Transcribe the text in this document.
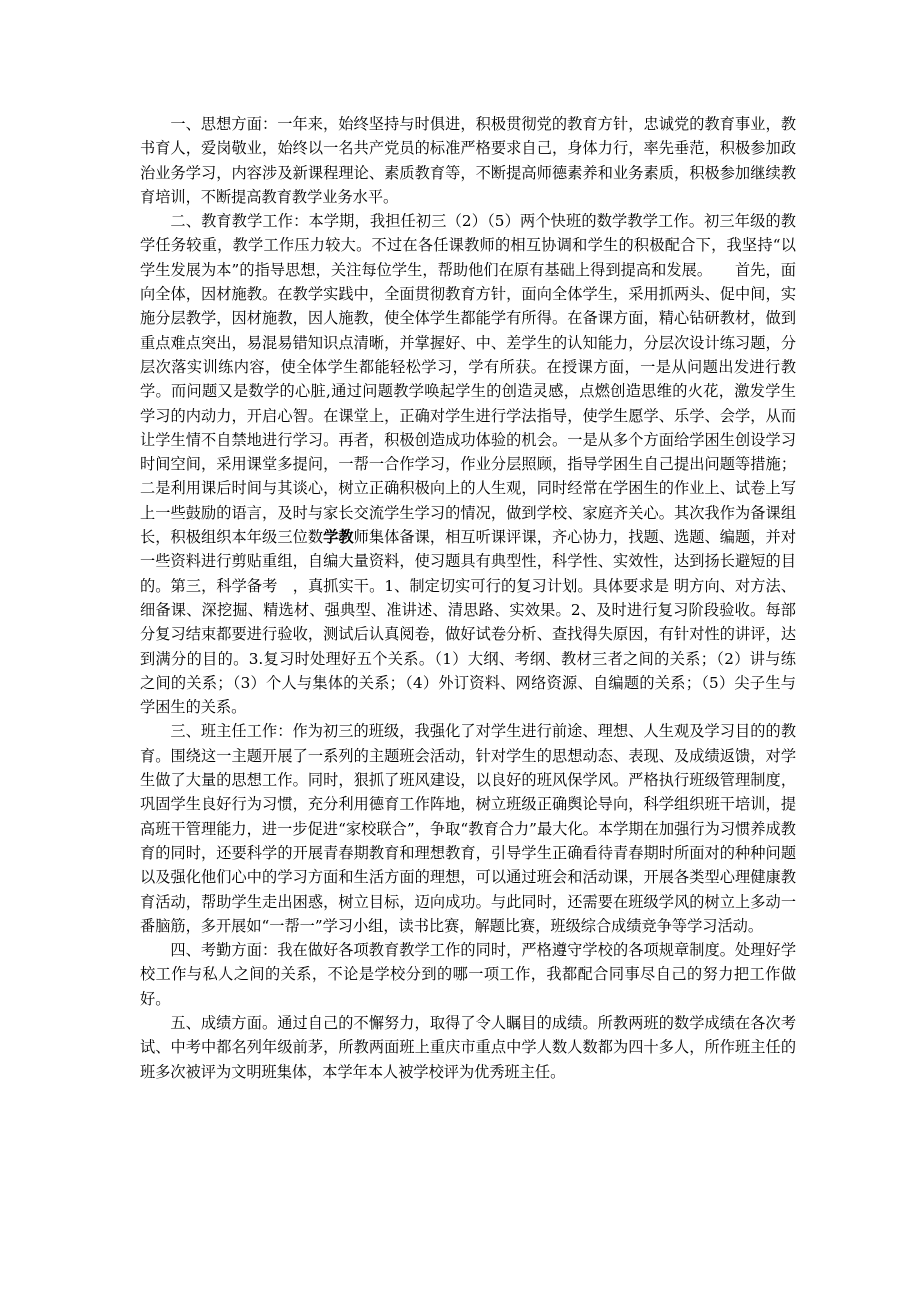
一、思想方面：一年来，始终坚持与时俱进，积极贯彻党的教育方针，忠诚党的教育事业，教书育人，爱岗敬业，始终以一名共产党员的标准严格要求自己，身体力行，率先垂范，积极参加政治业务学习，内容涉及新课程理论、素质教育等，不断提高师德素养和业务素质，积极参加继续教育培训，不断提高教育教学业务水平。

二、教育教学工作：本学期，我担任初三（2）（5）两个快班的数学教学工作。初三年级的教学任务较重，教学工作压力较大。不过在各任课教师的相互协调和学生的积极配合下，我坚持“以学生发展为本”的指导思想，关注每位学生，帮助他们在原有基础上得到提高和发展。　　首先，面向全体，因材施教。在教学实践中，全面贯彻教育方针，面向全体学生，采用抓两头、促中间，实施分层教学，因材施教，因人施教，使全体学生都能学有所得。在备课方面，精心钻研教材，做到重点难点突出，易混易错知识点清晰，并掌握好、中、差学生的认知能力，分层次设计练习题，分层次落实训练内容，使全体学生都能轻松学习，学有所获。在授课方面，一是从问题出发进行教学。而问题又是数学的心脏,通过问题教学唤起学生的创造灵感，点燃创造思维的火花，激发学生学习的内动力，开启心智。在课堂上，正确对学生进行学法指导，使学生愿学、乐学、会学，从而让学生情不自禁地进行学习。再者，积极创造成功体验的机会。一是从多个方面给学困生创设学习时间空间，采用课堂多提问，一帮一合作学习，作业分层照顾，指导学困生自己提出问题等措施；二是利用课后时间与其谈心，树立正确积极向上的人生观，同时经常在学困生的作业上、试卷上写上一些鼓励的语言，及时与家长交流学生学习的情况，做到学校、家庭齐关心。其次我作为备课组长，积极组织本年级三位数学教师集体备课，相互听课评课，齐心协力，找题、选题、编题，并对一些资料进行剪贴重组，自编大量资料，使习题具有典型性，科学性、实效性，达到扬长避短的目的。第三，科学备考　，真抓实干。1、制定切实可行的复习计划。具体要求是 明方向、对方法、细备课、深挖掘、精选材、强典型、准讲述、清思路、实效果。2、及时进行复习阶段验收。每部分复习结束都要进行验收，测试后认真阅卷，做好试卷分析、查找得失原因，有针对性的讲评，达到满分的目的。3.复习时处理好五个关系。（1）大纲、考纲、教材三者之间的关系；（2）讲与练之间的关系；（3）个人与集体的关系；（4）外订资料、网络资源、自编题的关系；（5）尖子生与学困生的关系。

三、班主任工作：作为初三的班级，我强化了对学生进行前途、理想、人生观及学习目的的教育。围绕这一主题开展了一系列的主题班会活动，针对学生的思想动态、表现、及成绩返馈，对学生做了大量的思想工作。同时，狠抓了班风建设，以良好的班风保学风。严格执行班级管理制度，巩固学生良好行为习惯，充分利用德育工作阵地，树立班级正确舆论导向，科学组织班干培训，提高班干管理能力，进一步促进“家校联合”，争取“教育合力”最大化。本学期在加强行为习惯养成教育的同时，还要科学的开展青春期教育和理想教育，引导学生正确看待青春期时所面对的种种问题以及强化他们心中的学习方面和生活方面的理想，可以通过班会和活动课，开展各类型心理健康教育活动，帮助学生走出困惑，树立目标，迈向成功。与此同时，还需要在班级学风的树立上多动一番脑筋，多开展如“一帮一”学习小组，读书比赛，解题比赛，班级综合成绩竞争等学习活动。

四、考勤方面：我在做好各项教育教学工作的同时，严格遵守学校的各项规章制度。处理好学校工作与私人之间的关系，不论是学校分到的哪一项工作，我都配合同事尽自己的努力把工作做好。

五、成绩方面。通过自己的不懈努力，取得了令人瞩目的成绩。所教两班的数学成绩在各次考试、中考中都名列年级前茅，所教两面班上重庆市重点中学人数人数都为四十多人，所作班主任的班多次被评为文明班集体，本学年本人被学校评为优秀班主任。
